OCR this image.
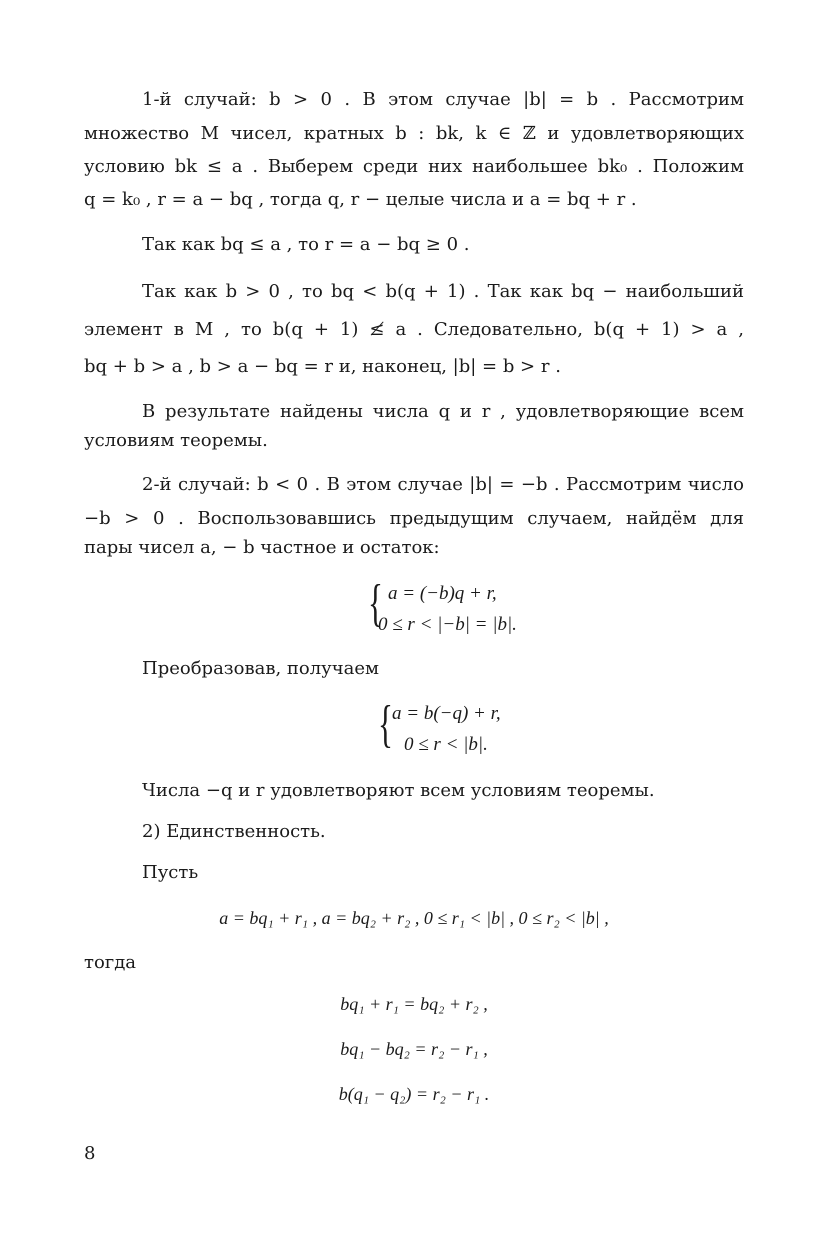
1-й случай: b > 0 . В этом случае |b| = b . Рассмотрим
множество M чисел, кратных b : bk, k ∈ ℤ и удовлетворяющих
условию bk ≤ a . Выберем среди них наибольшее bk₀ . Положим
q = k₀ , r = a − bq , тогда q, r − целые числа и a = bq + r .
Так как bq ≤ a , то r = a − bq ≥ 0 .
Так как b > 0 , то bq < b(q + 1) . Так как bq − наибольший
элемент в M , то b(q + 1) ≰ a . Следовательно, b(q + 1) > a ,
bq + b > a , b > a − bq = r и, наконец, |b| = b > r .
В результате найдены числа q и r , удовлетворяющие всем
условиям теоремы.
2-й случай: b < 0 . В этом случае |b| = −b . Рассмотрим число
−b > 0 . Воспользовавшись предыдущим случаем, найдём для
пары чисел a, − b частное и остаток:
{ a = (−b)q + r,
0 ≤ r < |−b| = |b|.
Преобразовав, получаем
{ a = b(−q) + r,
0 ≤ r < |b|.
Числа −q и r удовлетворяют всем условиям теоремы.
2) Единственность.
Пусть
a = bq₁ + r₁ , a = bq₂ + r₂ , 0 ≤ r₁ < |b| , 0 ≤ r₂ < |b| ,
тогда
bq₁ + r₁ = bq₂ + r₂ ,
bq₁ − bq₂ = r₂ − r₁ ,
b(q₁ − q₂) = r₂ − r₁ .
8
